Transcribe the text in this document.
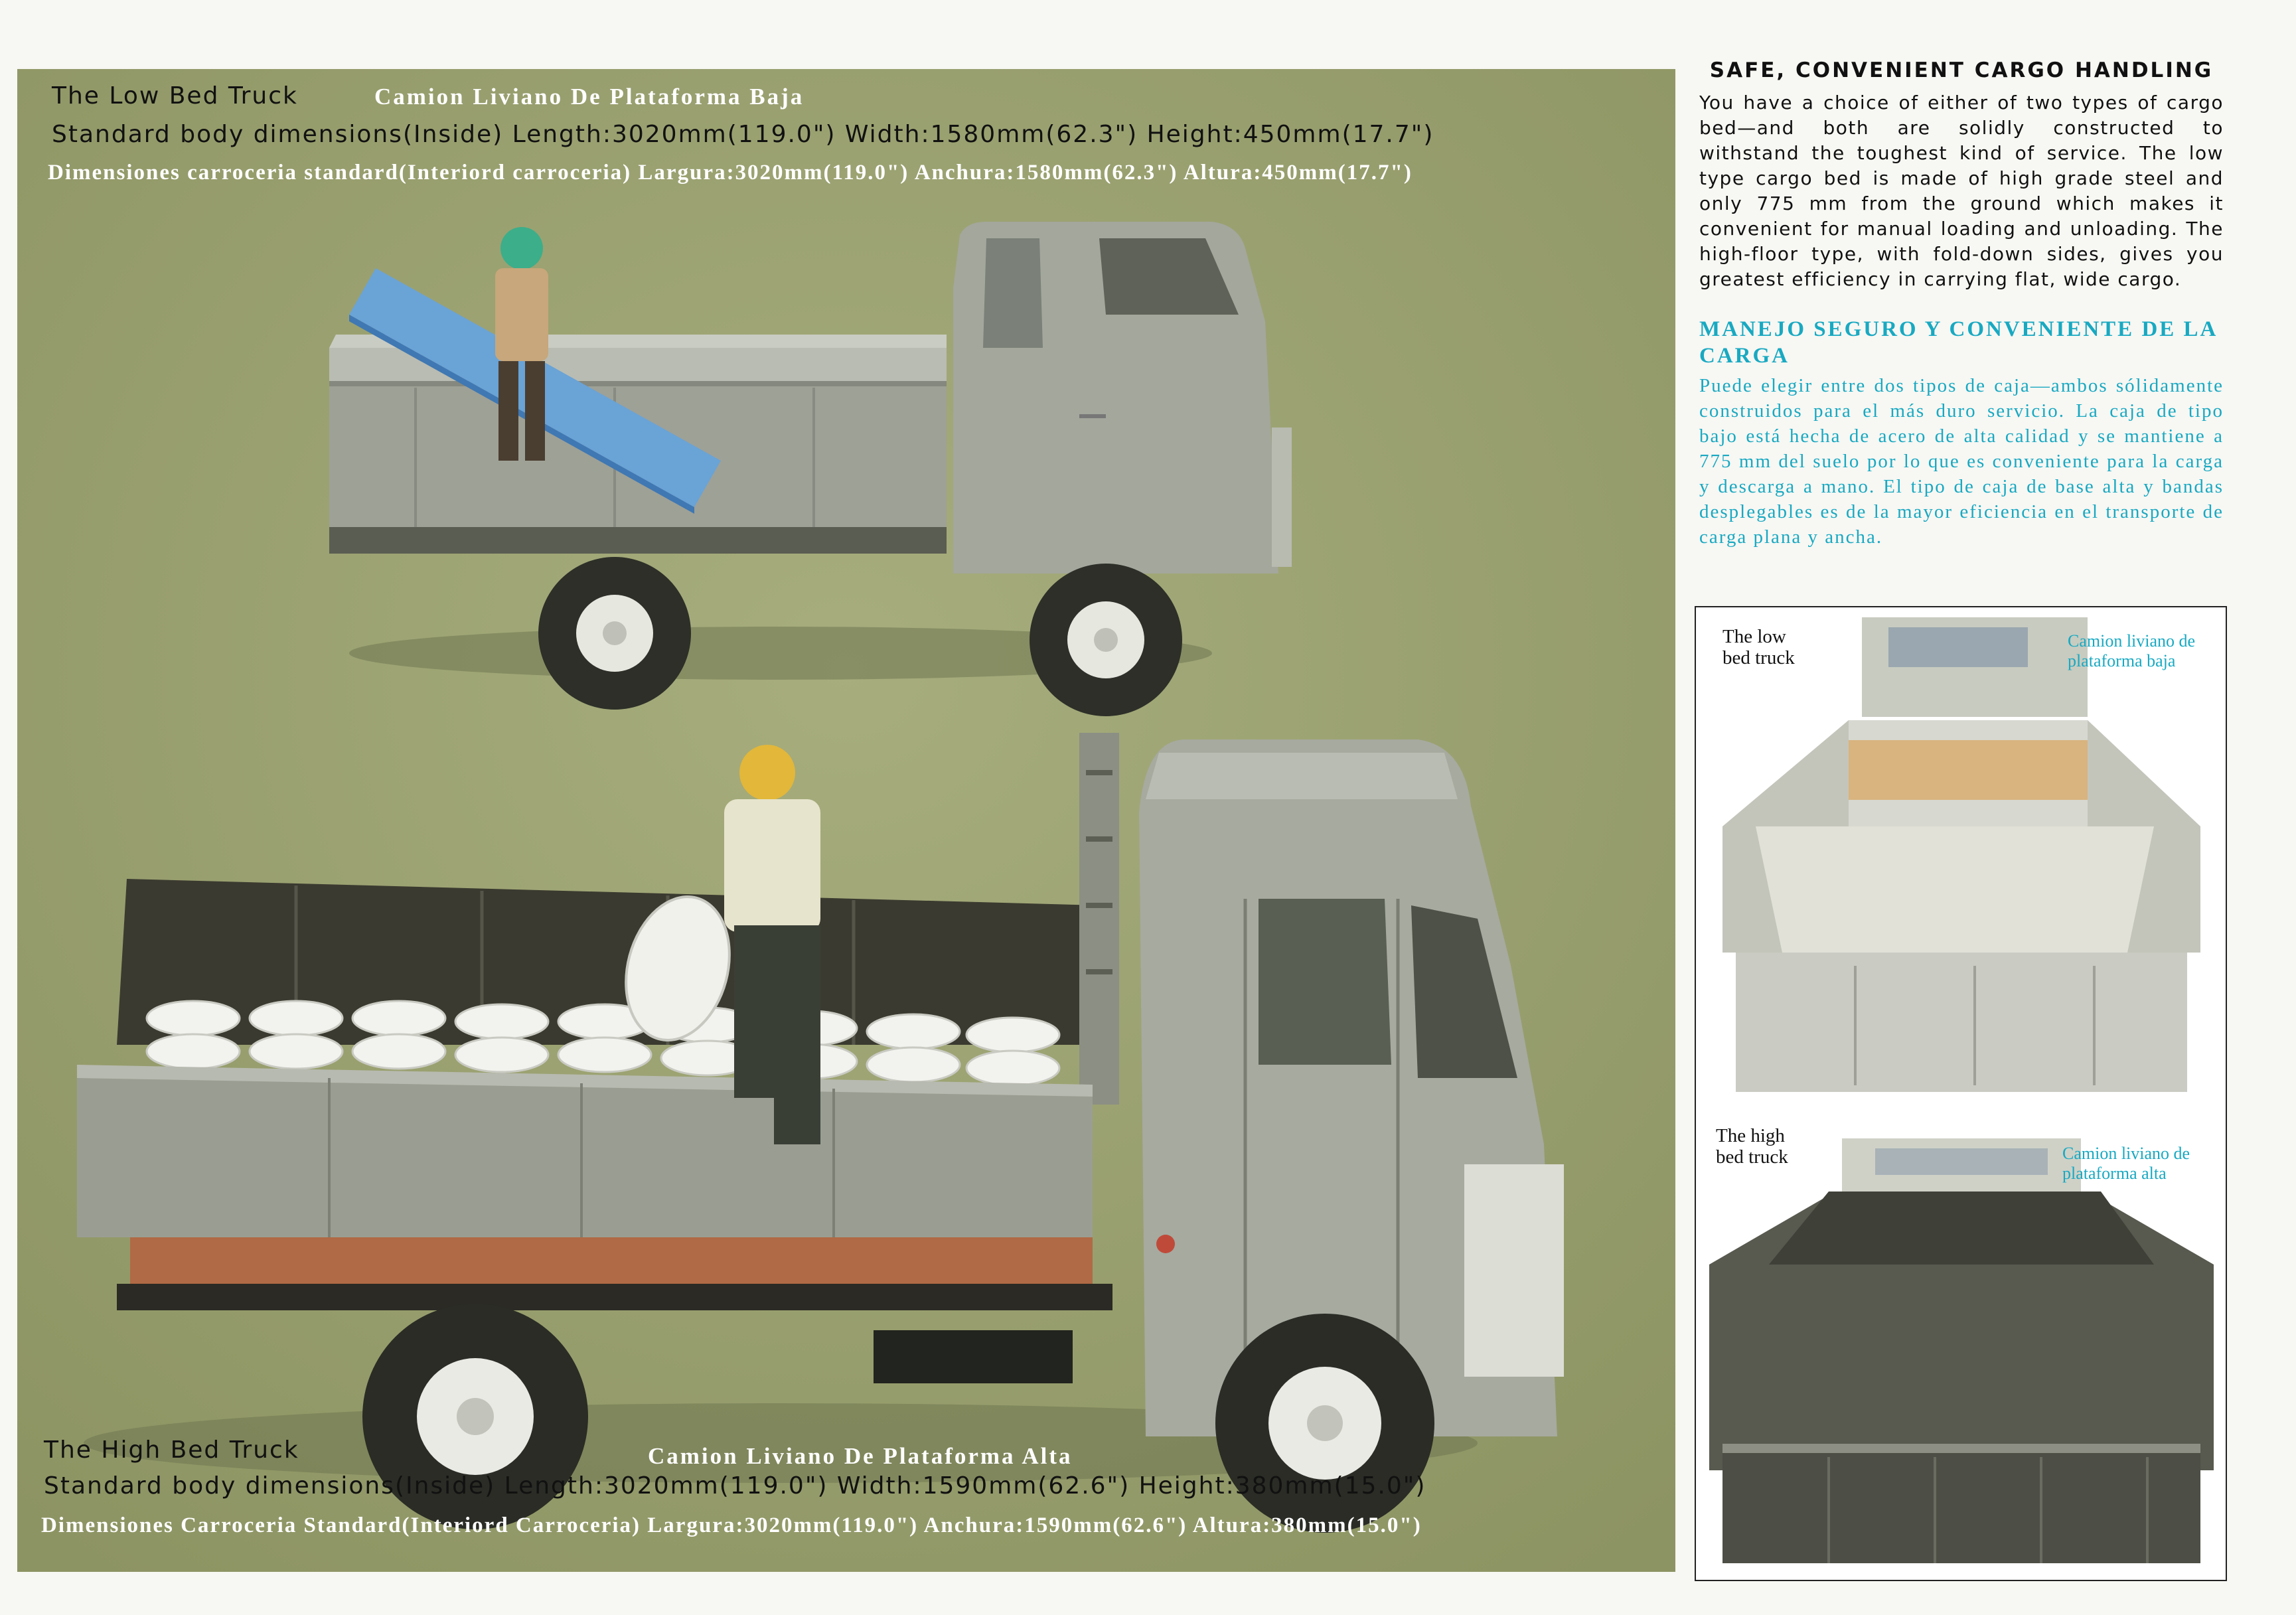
The Low Bed Truck	Camion Liviano De Plataforma Baja
Standard body dimensions(Inside) Length:3020mm(119.0") Width:1580mm(62.3") Height:450mm(17.7")
Dimensiones carroceria standard(Interiord carroceria) Largura:3020mm(119.0") Anchura:1580mm(62.3") Altura:450mm(17.7")
The High Bed Truck	Camion Liviano De Plataforma Alta
Standard body dimensions(Inside) Length:3020mm(119.0") Width:1590mm(62.6") Height:380mm(15.0")
Dimensiones Carroceria Standard(Interiord Carroceria) Largura:3020mm(119.0") Anchura:1590mm(62.6") Altura:380mm(15.0")
SAFE, CONVENIENT CARGO HANDLING

You have a choice of either of two types of cargo bed—and both are solidly constructed to withstand the toughest kind of service. The low type cargo bed is made of high grade steel and only 775 mm from the ground which makes it convenient for manual loading and unloading. The high-floor type, with fold-down sides, gives you greatest efficiency in carrying flat, wide cargo.

MANEJO SEGURO Y CONVENIENTE DE LA CARGA

Puede elegir entre dos tipos de caja—ambos sólidamente construidos para el más duro servicio. La caja de tipo bajo está hecha de acero de alta calidad y se mantiene a 775 mm del suelo por lo que es conveniente para la carga y descarga a mano. El tipo de caja de base alta y bandas desplegables es de la mayor eficiencia en el transporte de carga plana y ancha.

The low bed truck
Camion liviano de plataforma baja
The high bed truck	Camion liviano de plataforma alta
